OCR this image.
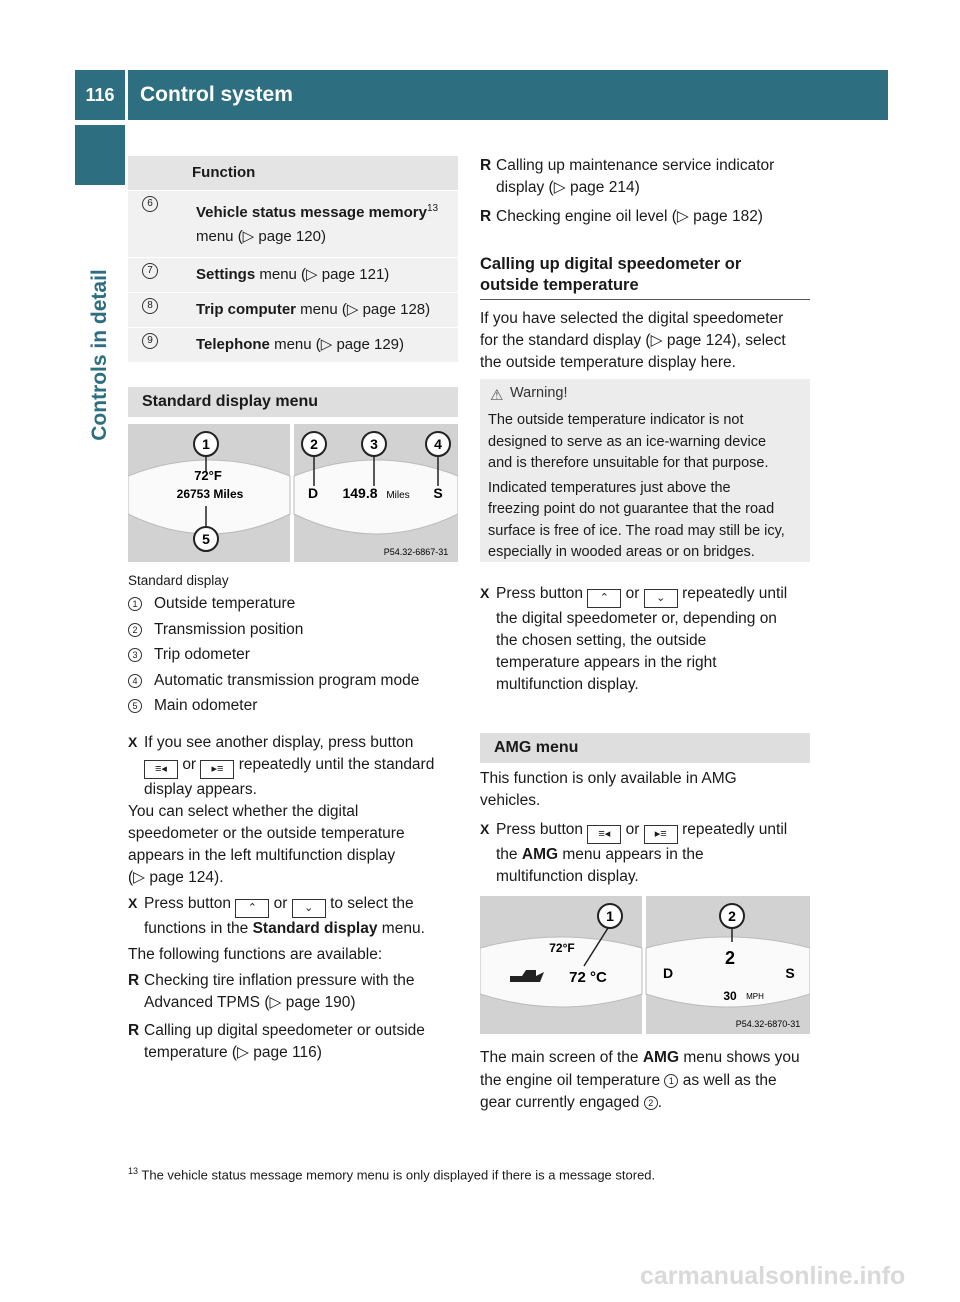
116	Control system
Controls in detail
	Function
6	Vehicle status message memory$^{13}$ menu (▷ page 120)
7	Settings menu (▷ page 121)
8	Trip computer menu (▷ page 128)
9	Telephone menu (▷ page 129)
Standard display menu
1	2	3	4
5
72°F
26753 Miles	D 149.8 Miles S
P54.32-6867-31
Standard display
1 Outside temperature
2 Transmission position
3 Trip odometer
4 Automatic transmission program mode
5 Main odometer
X If you see another display, press button
≡◂ or ▸≡ repeatedly until the standard
display appears.
You can select whether the digital
speedometer or the outside temperature
appears in the left multifunction display
(▷ page 124).
X Press button ⌃ or ⌄ to select the
functions in the Standard display menu.
The following functions are available:
R Checking tire inflation pressure with the
Advanced TPMS (▷ page 190)
R Calling up digital speedometer or outside
temperature (▷ page 116)
R Calling up maintenance service indicator
display (▷ page 214)
R Checking engine oil level (▷ page 182)
Calling up digital speedometer or
outside temperature
If you have selected the digital speedometer
for the standard display (▷ page 124), select
the outside temperature display here.
⚠ Warning!
The outside temperature indicator is not
designed to serve as an ice-warning device
and is therefore unsuitable for that purpose.
Indicated temperatures just above the
freezing point do not guarantee that the road
surface is free of ice. The road may still be icy,
especially in wooded areas or on bridges.
X Press button ⌃ or ⌄ repeatedly until
the digital speedometer or, depending on
the chosen setting, the outside
temperature appears in the right
multifunction display.
AMG menu
This function is only available in AMG
vehicles.
X Press button ≡◂ or ▸≡ repeatedly until
the AMG menu appears in the
multifunction display.
1	2
72°F
72 °C
2
D	S
30 MPH
P54.32-6870-31
The main screen of the AMG menu shows you
the engine oil temperature 1 as well as the
gear currently engaged 2 .
$^{13}$ The vehicle status message memory menu is only displayed if there is a message stored.
carmanualsonline.info
